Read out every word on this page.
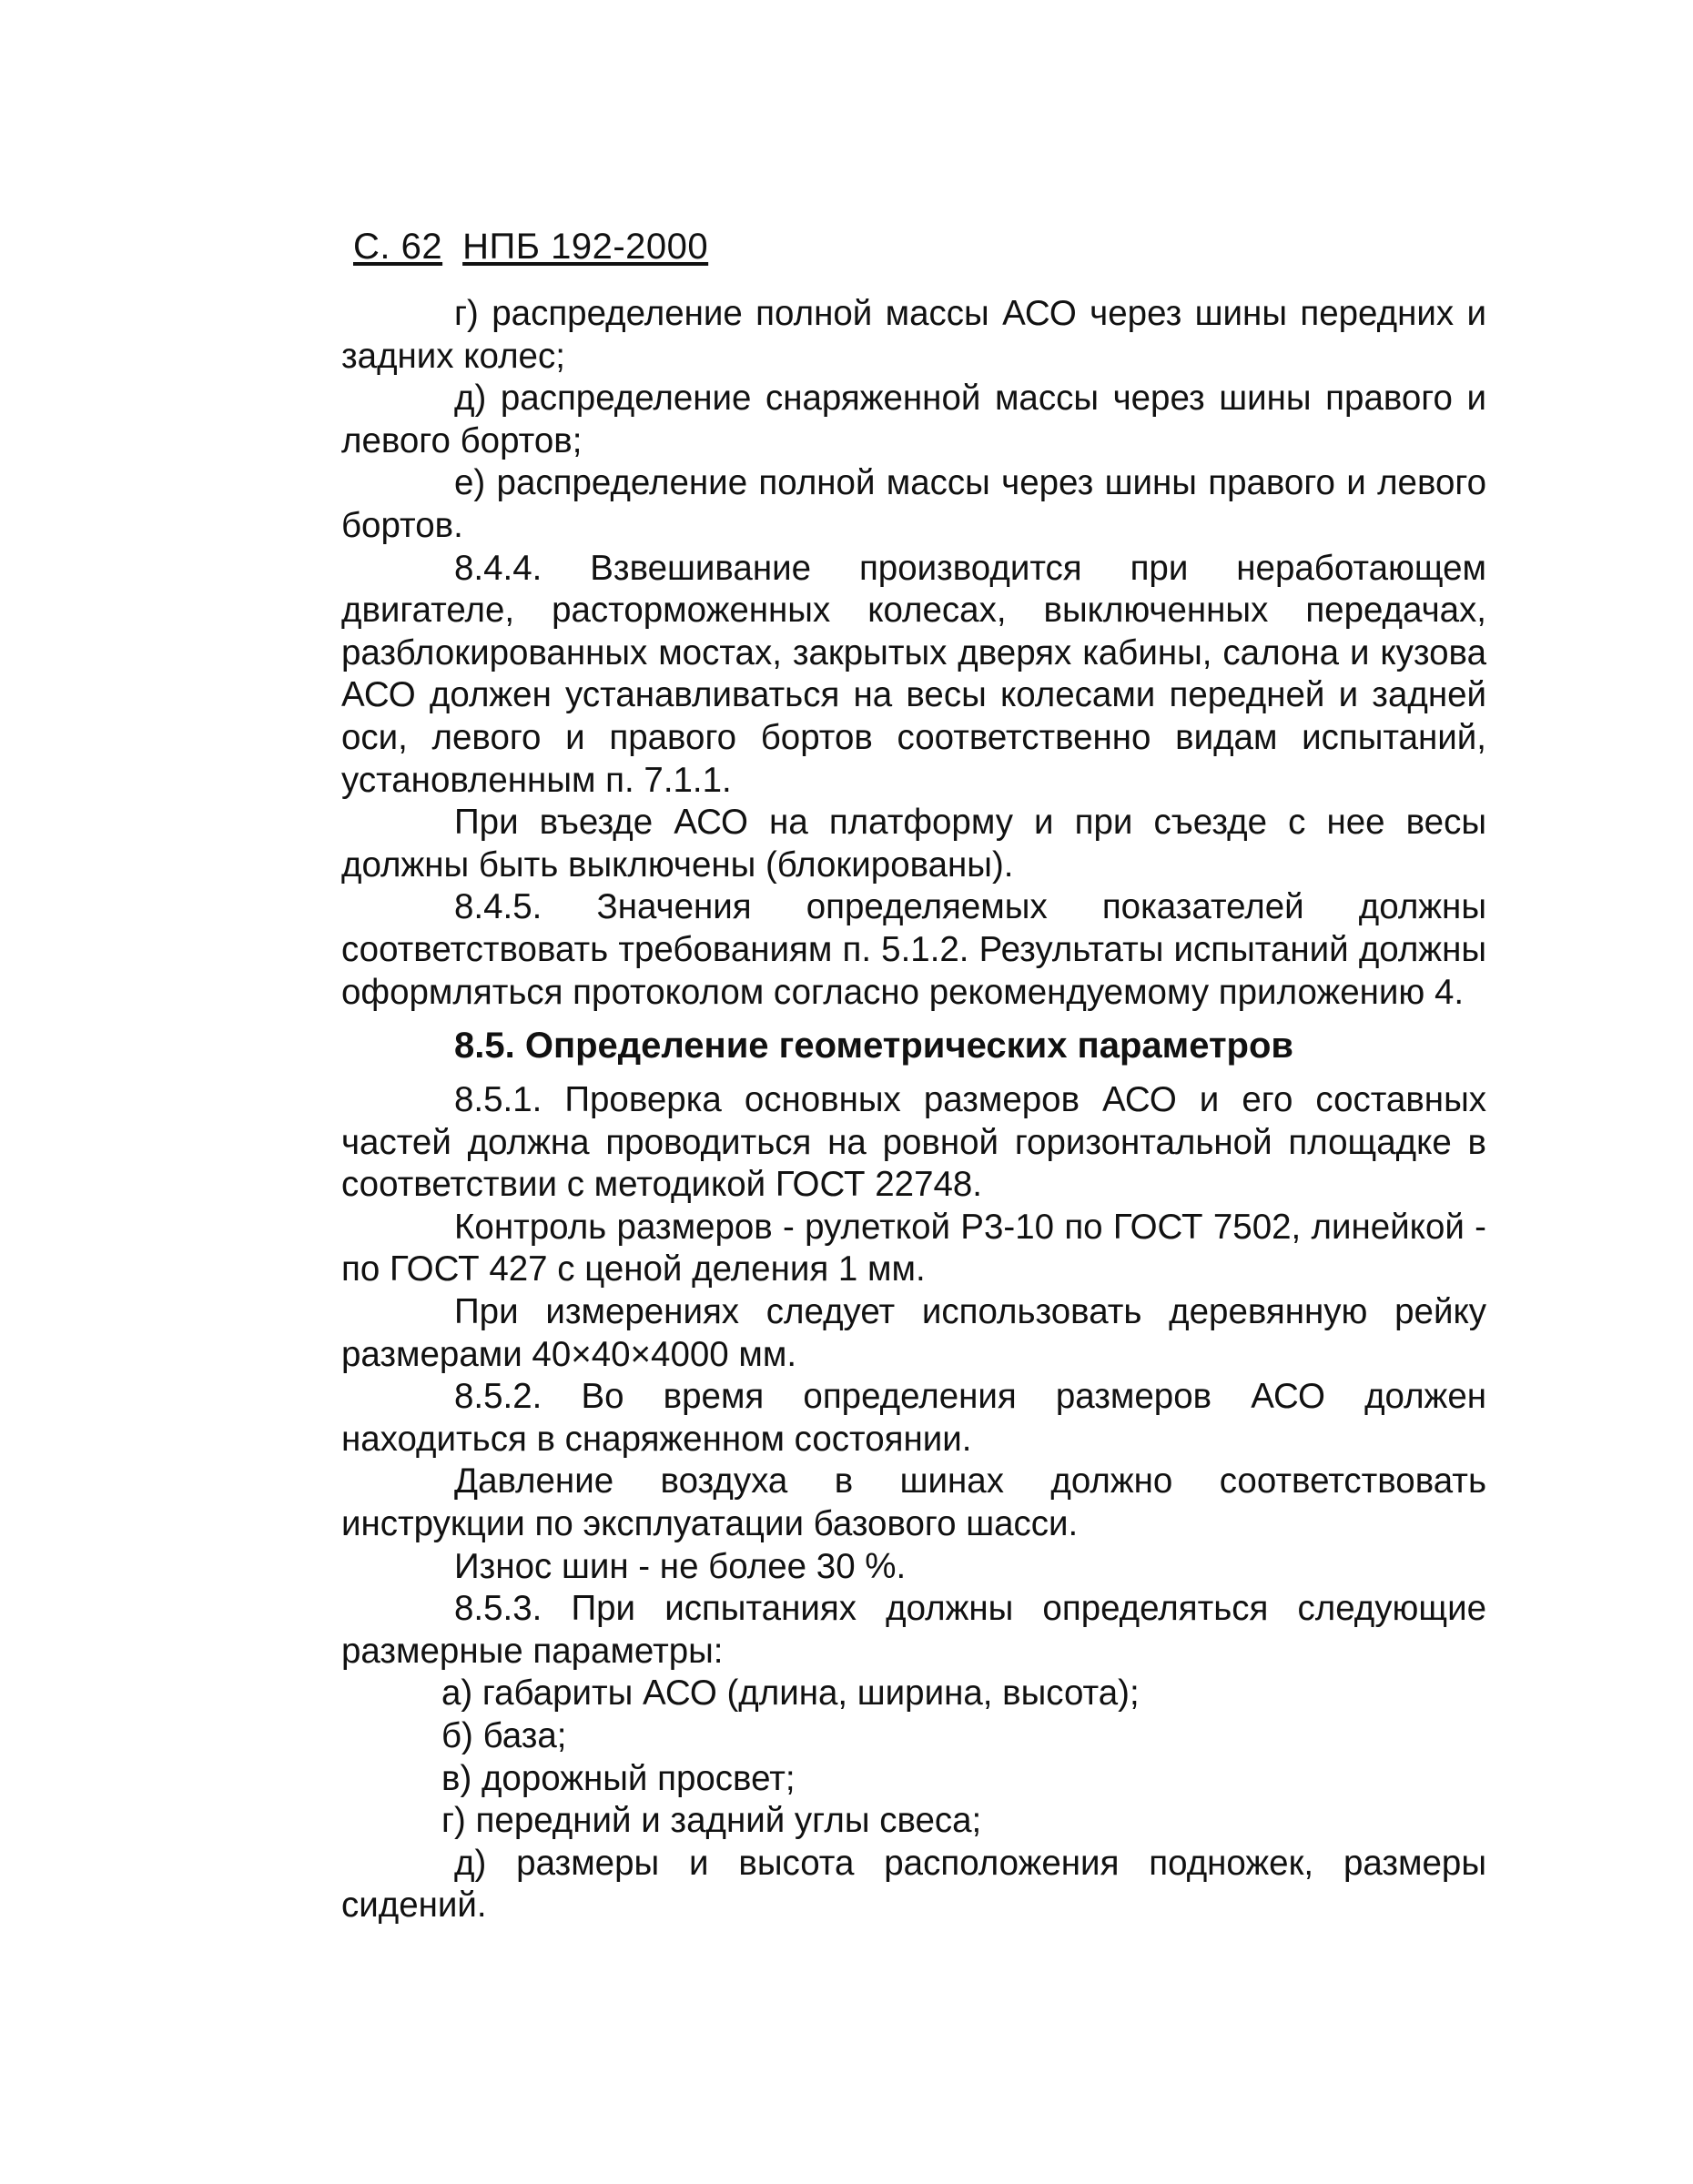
С. 62 НПБ 192-2000

г) распределение полной массы АСО через шины передних и задних колес;

д) распределение снаряженной массы через шины правого и левого бортов;

е) распределение полной массы через шины правого и левого бортов.

8.4.4. Взвешивание производится при неработающем двигателе, расторможенных колесах, выключенных передачах, разблокированных мостах, закрытых дверях кабины, салона и кузова АСО должен устанавливаться на весы колесами передней и задней оси, левого и правого бортов соответственно видам испытаний, установленным п. 7.1.1.

При въезде АСО на платформу и при съезде с нее весы должны быть выключены (блокированы).

8.4.5. Значения определяемых показателей должны соответствовать требованиям п. 5.1.2. Результаты испытаний должны оформляться протоколом согласно рекомендуемому приложению 4.

8.5. Определение геометрических параметров

8.5.1. Проверка основных размеров АСО и его составных частей должна проводиться на ровной горизонтальной площадке в соответствии с методикой ГОСТ 22748.

Контроль размеров - рулеткой Р3-10 по ГОСТ 7502, линейкой - по ГОСТ 427 с ценой деления 1 мм.

При измерениях следует использовать деревянную рейку размерами 40×40×4000 мм.

8.5.2. Во время определения размеров АСО должен находиться в снаряженном состоянии.

Давление воздуха в шинах должно соответствовать инструкции по эксплуатации базового шасси.

Износ шин - не более 30 %.

8.5.3. При испытаниях должны определяться следующие размерные параметры:

а) габариты АСО (длина, ширина, высота);

б) база;

в) дорожный просвет;

г) передний и задний углы свеса;

д) размеры и высота расположения подножек, размеры сидений.
